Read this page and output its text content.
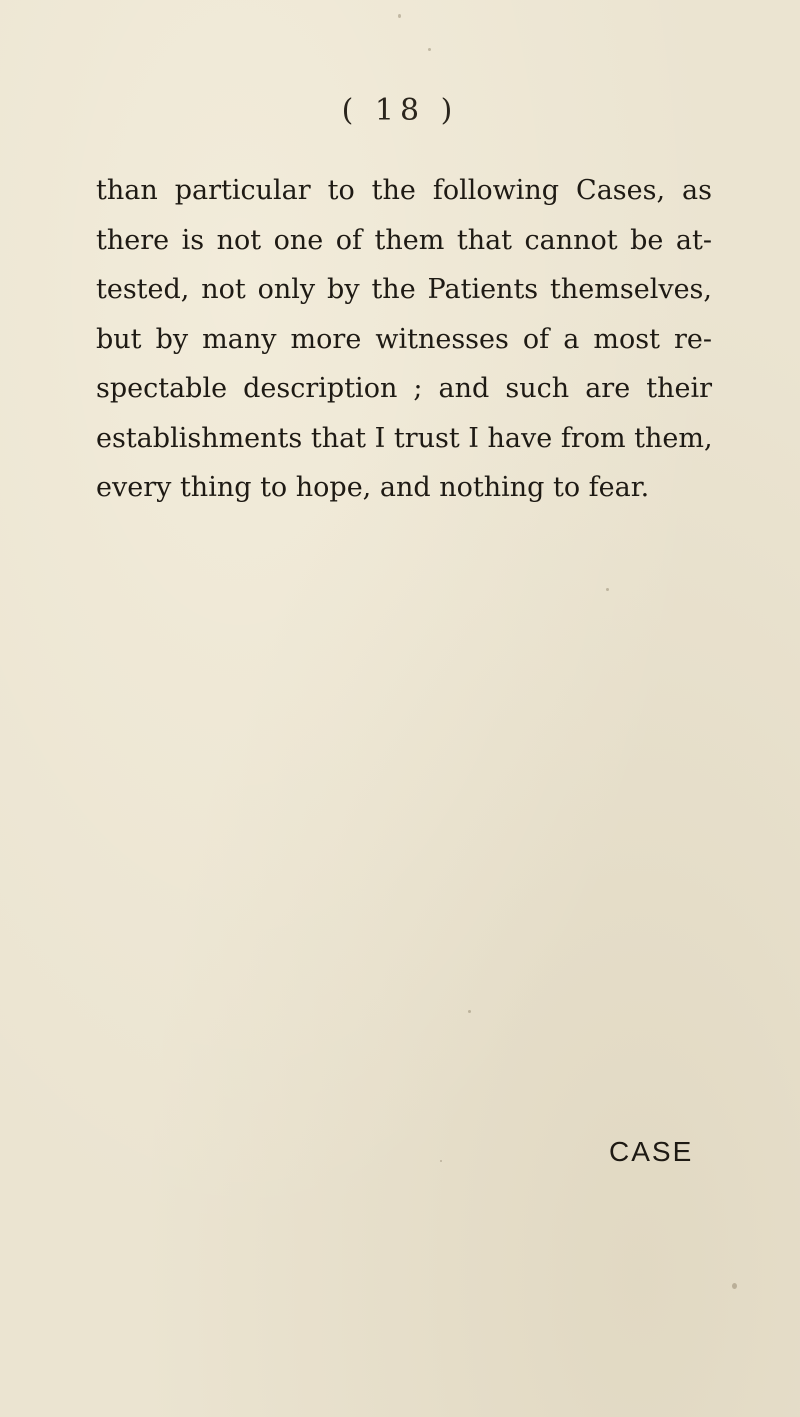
( 18 )
than particular to the following Cases, as
there is not one of them that cannot be at-
tested, not only by the Patients themselves,
but by many more witnesses of a most re-
spectable description ; and such are their
establishments that I trust I have from them,
every thing to hope, and nothing to fear.
CASE
